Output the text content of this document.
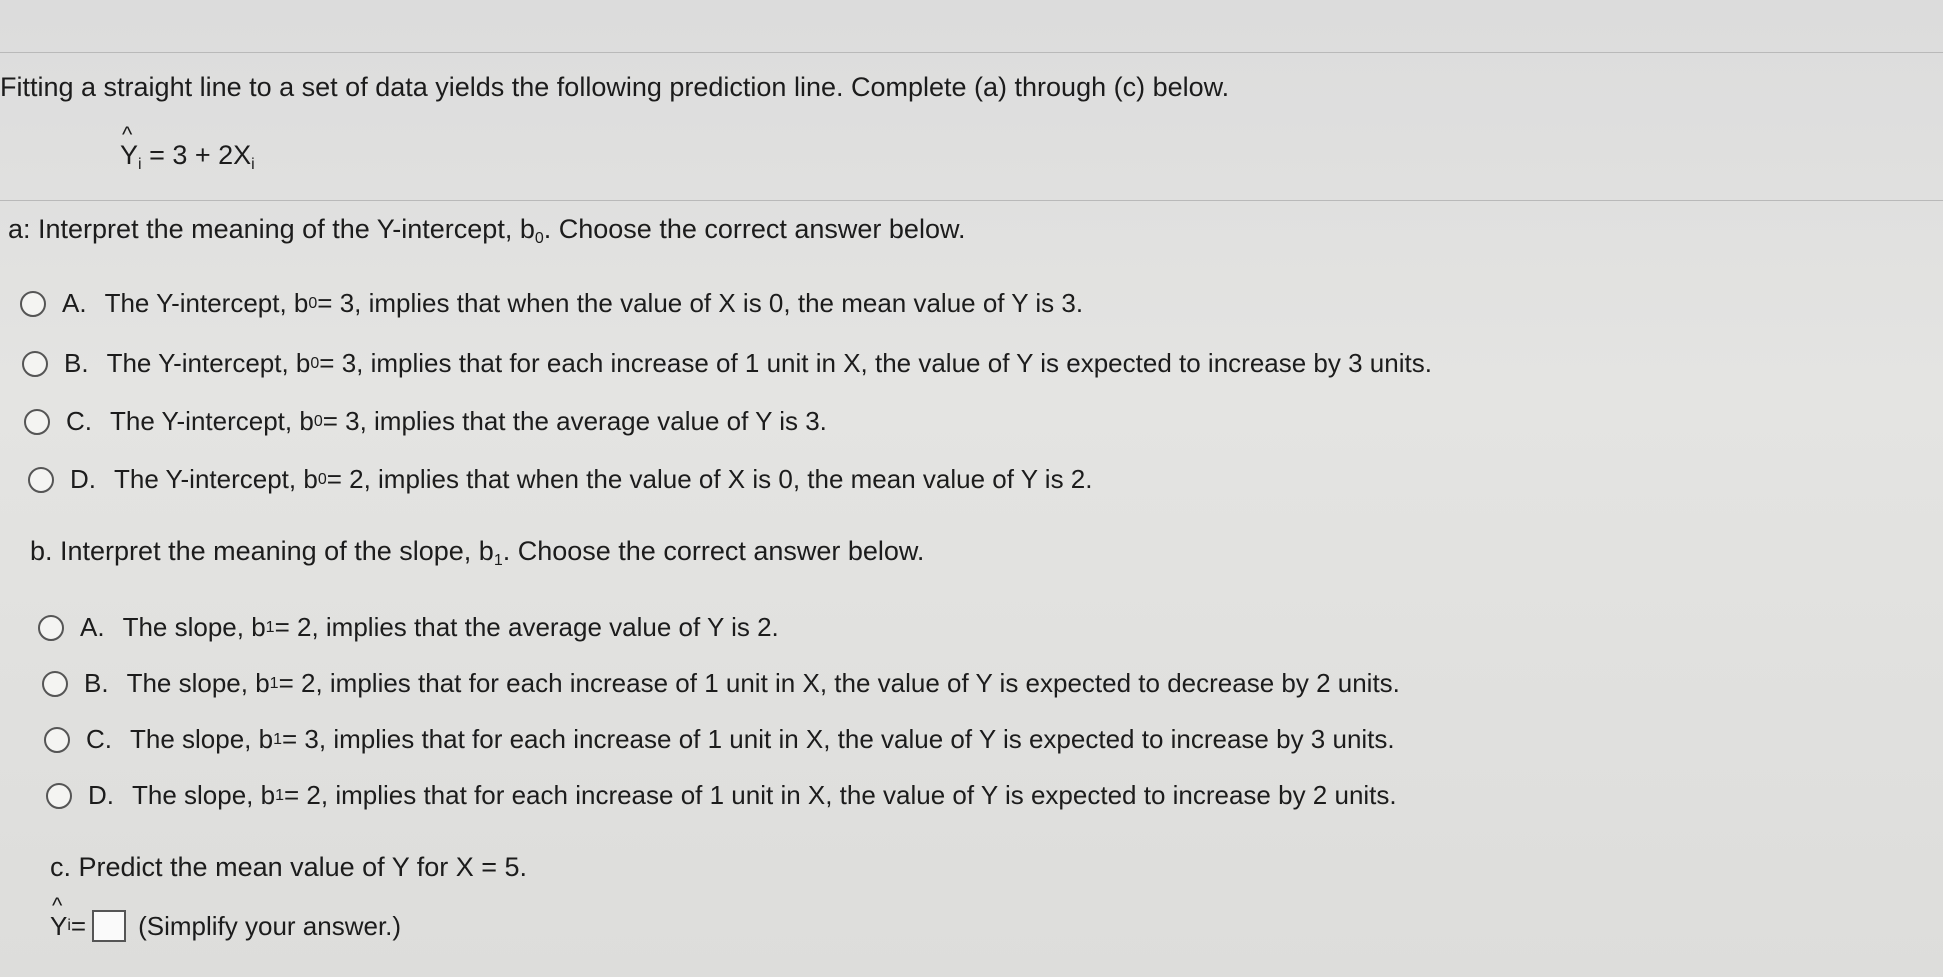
Fitting a straight line to a set of data yields the following prediction line. Complete (a) through (c) below.
^ $Y_i = 3 + 2X_i$
a: Interpret the meaning of the Y-intercept, $b_0$. Choose the correct answer below.
A. The Y-intercept, b 0 = 3, implies that when the value of X is 0, the mean value of Y is 3.
B. The Y-intercept, b 0 = 3, implies that for each increase of 1 unit in X, the value of Y is expected to increase by 3 units.
C. The Y-intercept, b 0 = 3, implies that the average value of Y is 3.
D. The Y-intercept, b 0 = 2, implies that when the value of X is 0, the mean value of Y is 2.
b. Interpret the meaning of the slope, $b_1$. Choose the correct answer below.
A. The slope, b 1 = 2, implies that the average value of Y is 2.
B. The slope, b 1 = 2, implies that for each increase of 1 unit in X, the value of Y is expected to decrease by 2 units.
C. The slope, b 1 = 3, implies that for each increase of 1 unit in X, the value of Y is expected to increase by 3 units.
D. The slope, b 1 = 2, implies that for each increase of 1 unit in X, the value of Y is expected to increase by 2 units.
c. Predict the mean value of Y for X = 5.
^ Y i = (Simplify your answer.)
